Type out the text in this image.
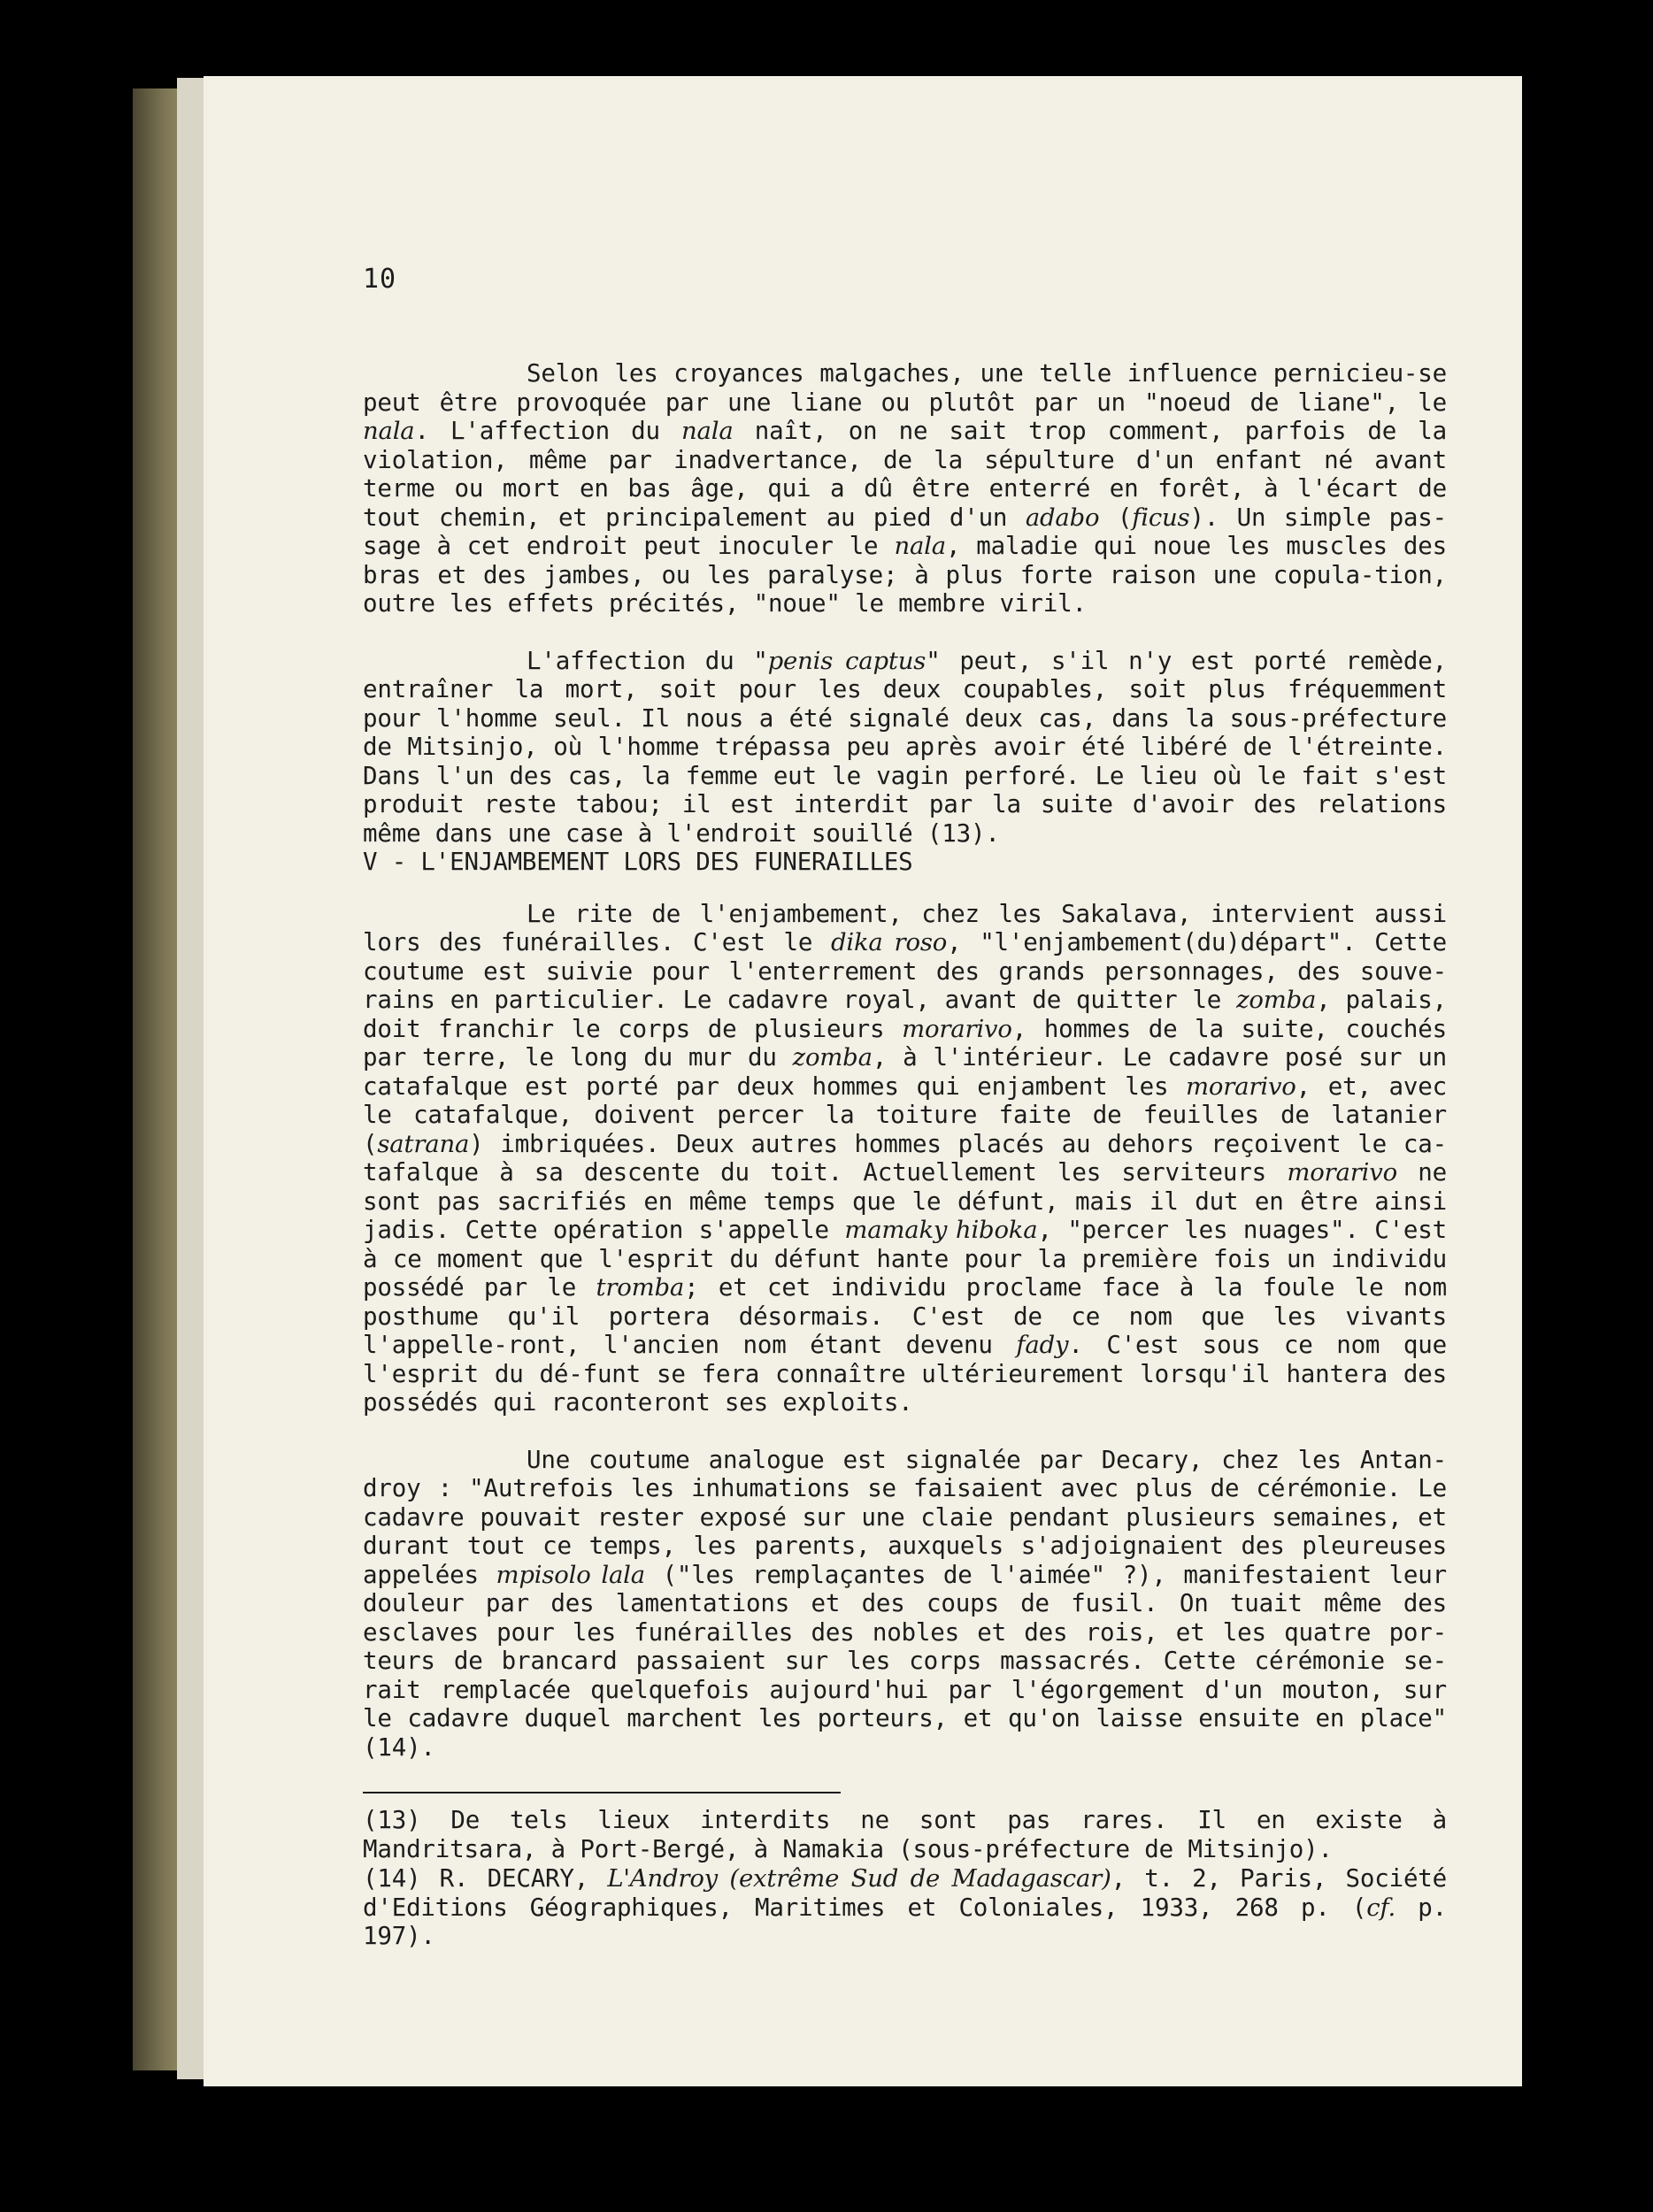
10

Selon les croyances malgaches, une telle influence pernicieu-se peut être provoquée par une liane ou plutôt par un "noeud de liane", le nala. L'affection du nala naît, on ne sait trop comment, parfois de la violation, même par inadvertance, de la sépulture d'un enfant né avant terme ou mort en bas âge, qui a dû être enterré en forêt, à l'écart de tout chemin, et principalement au pied d'un adabo (ficus). Un simple pas-sage à cet endroit peut inoculer le nala, maladie qui noue les muscles des bras et des jambes, ou les paralyse; à plus forte raison une copula-tion, outre les effets précités, "noue" le membre viril.

L'affection du "penis captus" peut, s'il n'y est porté remède, entraîner la mort, soit pour les deux coupables, soit plus fréquemment pour l'homme seul. Il nous a été signalé deux cas, dans la sous-préfecture de Mitsinjo, où l'homme trépassa peu après avoir été libéré de l'étreinte. Dans l'un des cas, la femme eut le vagin perforé. Le lieu où le fait s'est produit reste tabou; il est interdit par la suite d'avoir des relations même dans une case à l'endroit souillé (13).

V - L'ENJAMBEMENT LORS DES FUNERAILLES

Le rite de l'enjambement, chez les Sakalava, intervient aussi lors des funérailles. C'est le dika roso, "l'enjambement(du)départ". Cette coutume est suivie pour l'enterrement des grands personnages, des souve-rains en particulier. Le cadavre royal, avant de quitter le zomba, palais, doit franchir le corps de plusieurs morarivo, hommes de la suite, couchés par terre, le long du mur du zomba, à l'intérieur. Le cadavre posé sur un catafalque est porté par deux hommes qui enjambent les morarivo, et, avec le catafalque, doivent percer la toiture faite de feuilles de latanier (satrana) imbriquées. Deux autres hommes placés au dehors reçoivent le ca-tafalque à sa descente du toit. Actuellement les serviteurs morarivo ne sont pas sacrifiés en même temps que le défunt, mais il dut en être ainsi jadis. Cette opération s'appelle mamaky hiboka, "percer les nuages". C'est à ce moment que l'esprit du défunt hante pour la première fois un individu possédé par le tromba; et cet individu proclame face à la foule le nom posthume qu'il portera désormais. C'est de ce nom que les vivants l'appelle-ront, l'ancien nom étant devenu fady. C'est sous ce nom que l'esprit du dé-funt se fera connaître ultérieurement lorsqu'il hantera des possédés qui raconteront ses exploits.

Une coutume analogue est signalée par Decary, chez les Antan-droy : "Autrefois les inhumations se faisaient avec plus de cérémonie. Le cadavre pouvait rester exposé sur une claie pendant plusieurs semaines, et durant tout ce temps, les parents, auxquels s'adjoignaient des pleureuses appelées mpisolo lala ("les remplaçantes de l'aimée" ?), manifestaient leur douleur par des lamentations et des coups de fusil. On tuait même des esclaves pour les funérailles des nobles et des rois, et les quatre por-teurs de brancard passaient sur les corps massacrés. Cette cérémonie se-rait remplacée quelquefois aujourd'hui par l'égorgement d'un mouton, sur le cadavre duquel marchent les porteurs, et qu'on laisse ensuite en place" (14).

(13) De tels lieux interdits ne sont pas rares. Il en existe à Mandritsara, à Port-Bergé, à Namakia (sous-préfecture de Mitsinjo).

(14) R. DECARY, L'Androy (extrême Sud de Madagascar), t. 2, Paris, Société d'Editions Géographiques, Maritimes et Coloniales, 1933, 268 p. (cf. p. 197).
